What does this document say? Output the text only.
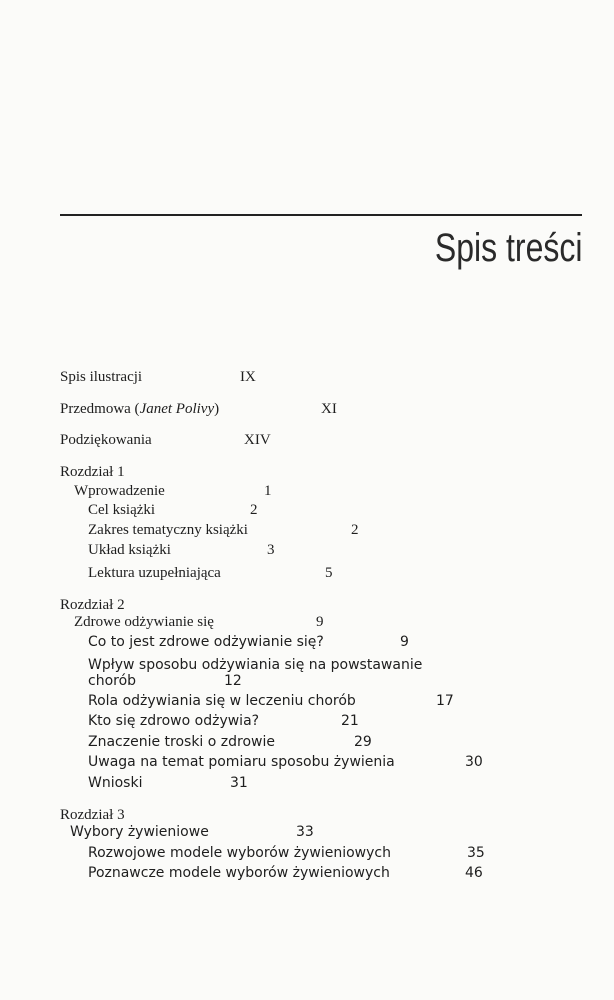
Spis treści
Spis ilustracji	IX
Przedmowa (Janet Polivy)	XI
Podziękowania	XIV
Rozdział 1
Wprowadzenie	1
Cel książki	2
Zakres tematyczny książki	2
Układ książki	3
Lektura uzupełniająca	5
Rozdział 2
Zdrowe odżywianie się	9
Co to jest zdrowe odżywianie się?	9
Wpływ sposobu odżywiania się na powstawanie
chorób	12
Rola odżywiania się w leczeniu chorób	17
Kto się zdrowo odżywia?	21
Znaczenie troski o zdrowie	29
Uwaga na temat pomiaru sposobu żywienia	30
Wnioski	31
Rozdział 3
Wybory żywieniowe	33
Rozwojowe modele wyborów żywieniowych	35
Poznawcze modele wyborów żywieniowych	46
